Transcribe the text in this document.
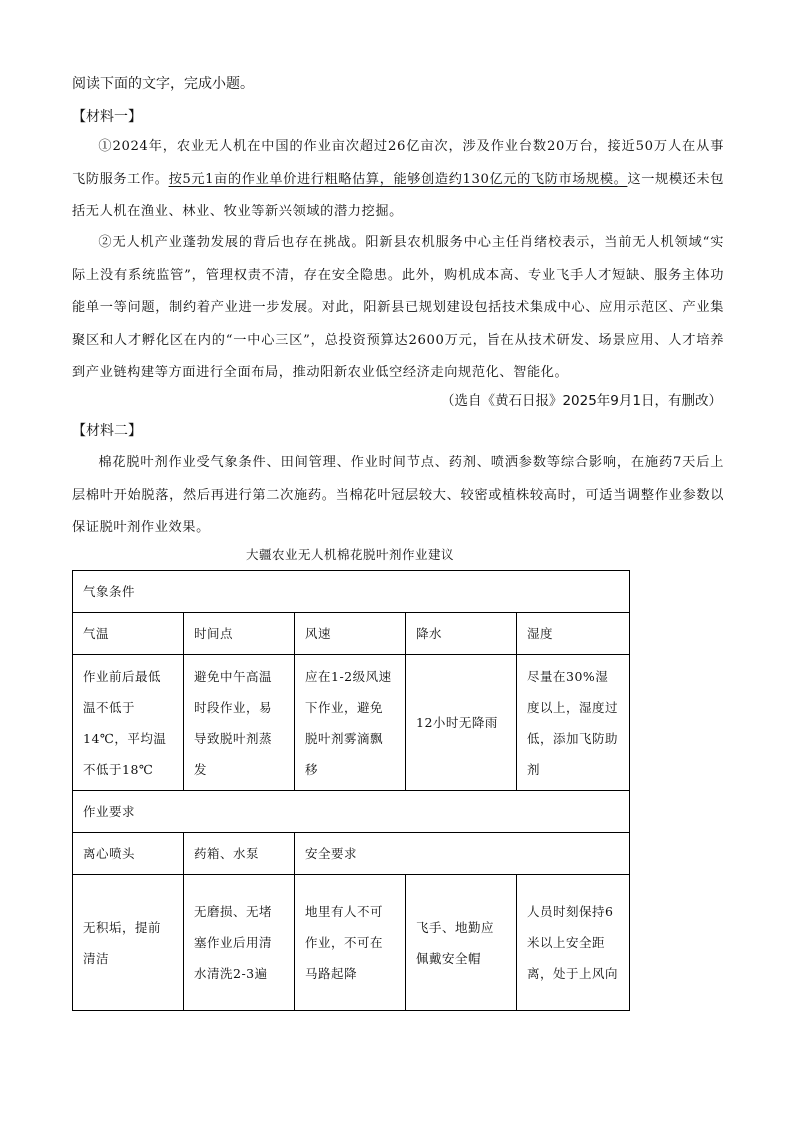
阅读下面的文字，完成小题。
【材料一】
①2024年，农业无人机在中国的作业亩次超过26亿亩次，涉及作业台数20万台，接近50万人在从事飞防服务工作。按5元1亩的作业单价进行粗略估算，能够创造约130亿元的飞防市场规模。这一规模还未包括无人机在渔业、林业、牧业等新兴领域的潜力挖掘。
②无人机产业蓬勃发展的背后也存在挑战。阳新县农机服务中心主任肖绪校表示，当前无人机领域“实际上没有系统监管”，管理权责不清，存在安全隐患。此外，购机成本高、专业飞手人才短缺、服务主体功能单一等问题，制约着产业进一步发展。对此，阳新县已规划建设包括技术集成中心、应用示范区、产业集聚区和人才孵化区在内的“一中心三区”，总投资预算达2600万元，旨在从技术研发、场景应用、人才培养到产业链构建等方面进行全面布局，推动阳新农业低空经济走向规范化、智能化。
（选自《黄石日报》2025年9月1日，有删改）
【材料二】
棉花脱叶剂作业受气象条件、田间管理、作业时间节点、药剂、喷洒参数等综合影响，在施药7天后上层棉叶开始脱落，然后再进行第二次施药。当棉花叶冠层较大、较密或植株较高时，可适当调整作业参数以保证脱叶剂作业效果。
大疆农业无人机棉花脱叶剂作业建议
气象条件				
气温	时间点	风速	降水	湿度
作业前后最低温不低于14℃，平均温不低于18℃	避免中午高温时段作业，易导致脱叶剂蒸发	应在1-2级风速下作业，避免脱叶剂雾滴飘移	12小时无降雨	尽量在30%湿度以上，湿度过低，添加飞防助剂
作业要求				
离心喷头	药箱、水泵	安全要求		
无积垢，提前清洁	无磨损、无堵塞作业后用清水清洗2-3遍	地里有人不可作业，不可在马路起降	飞手、地勤应佩戴安全帽	人员时刻保持6米以上安全距离，处于上风向
